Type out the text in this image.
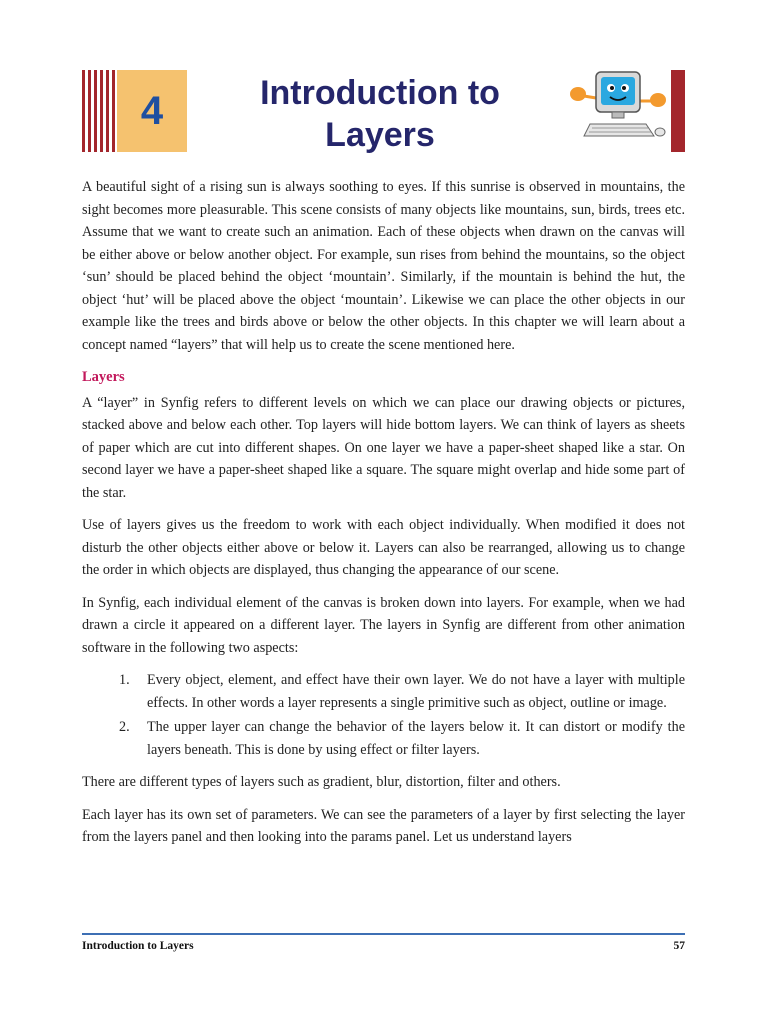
4	Introduction to
Layers

A beautiful sight of a rising sun is always soothing to eyes. If this sunrise is observed in mountains, the sight becomes more pleasurable. This scene consists of many objects like mountains, sun, birds, trees etc. Assume that we want to create such an animation. Each of these objects when drawn on the canvas will be either above or below another object. For example, sun rises from behind the mountains, so the object ‘sun’ should be placed behind the object ‘mountain’. Similarly, if the mountain is behind the hut, the object ‘hut’ will be placed above the object ‘mountain’. Likewise we can place the other objects in our example like the trees and birds above or below the other objects. In this chapter we will learn about a concept named “layers” that will help us to create the scene mentioned here.

Layers

A “layer” in Synfig refers to different levels on which we can place our drawing objects or pictures, stacked above and below each other. Top layers will hide bottom layers. We can think of layers as sheets of paper which are cut into different shapes. On one layer we have a paper-sheet shaped like a star. On second layer we have a paper-sheet shaped like a square. The square might overlap and hide some part of the star.

Use of layers gives us the freedom to work with each object individually. When modified it does not disturb the other objects either above or below it. Layers can also be rearranged, allowing us to change the order in which objects are displayed, thus changing the appearance of our scene.

In Synfig, each individual element of the canvas is broken down into layers. For example, when we had drawn a circle it appeared on a different layer. The layers in Synfig are different from other animation software in the following two aspects:

1. Every object, element, and effect have their own layer. We do not have a layer with multiple effects. In other words a layer represents a single primitive such as object, outline or image.
2. The upper layer can change the behavior of the layers below it. It can distort or modify the layers beneath. This is done by using effect or filter layers.

There are different types of layers such as gradient, blur, distortion, filter and others.

Each layer has its own set of parameters. We can see the parameters of a layer by first selecting the layer from the layers panel and then looking into the params panel. Let us understand layers

Introduction to Layers	57
